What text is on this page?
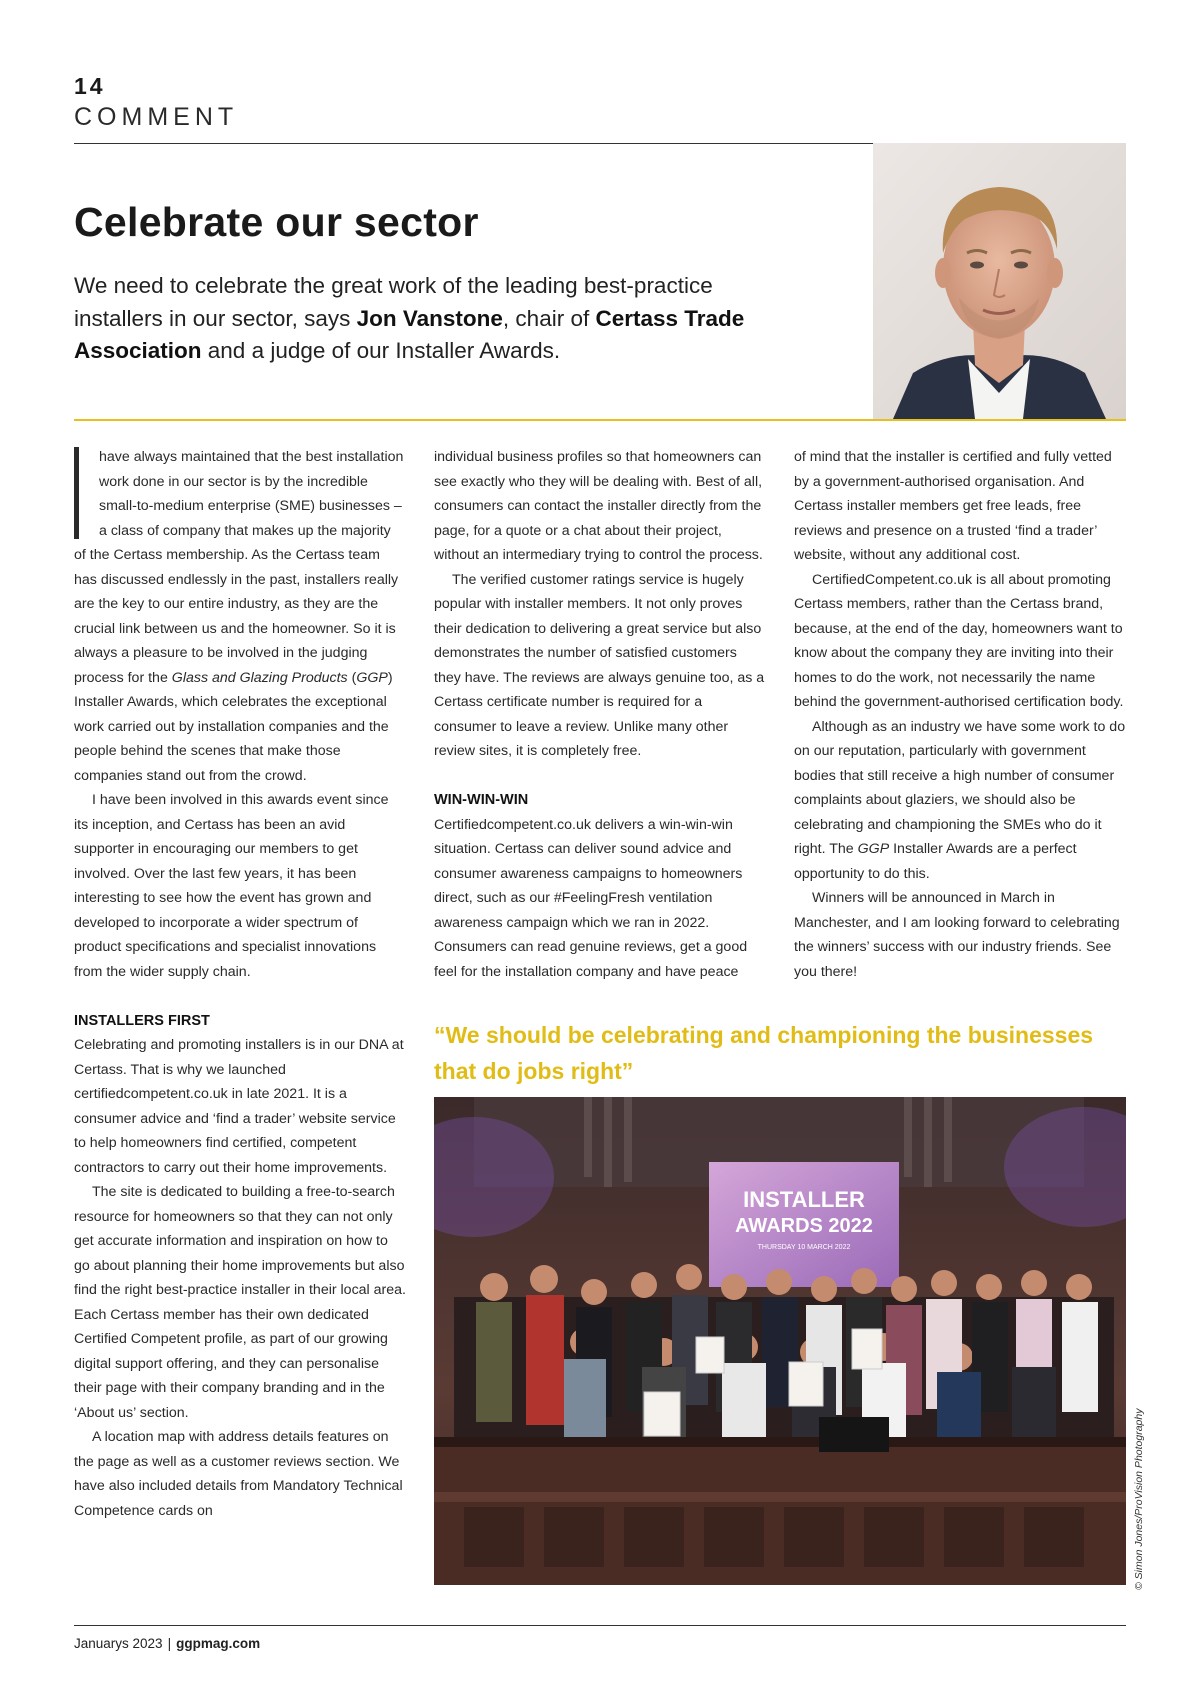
14
COMMENT
Celebrate our sector
We need to celebrate the great work of the leading best-practice installers in our sector, says Jon Vanstone, chair of Certass Trade Association and a judge of our Installer Awards.

have always maintained that the best installation work done in our sector is by the incredible small-to-medium enterprise (SME) businesses – a class of company that makes up the majority of the Certass membership. As the Certass team has discussed endlessly in the past, installers really are the key to our entire industry, as they are the crucial link between us and the homeowner. So it is always a pleasure to be involved in the judging process for the Glass and Glazing Products (GGP) Installer Awards, which celebrates the exceptional work carried out by installation companies and the people behind the scenes that make those companies stand out from the crowd.

I have been involved in this awards event since its inception, and Certass has been an avid supporter in encouraging our members to get involved. Over the last few years, it has been interesting to see how the event has grown and developed to incorporate a wider spectrum of product specifications and specialist innovations from the wider supply chain.

INSTALLERS FIRST

Celebrating and promoting installers is in our DNA at Certass. That is why we launched certifiedcompetent.co.uk in late 2021. It is a consumer advice and ‘find a trader’ website service to help homeowners find certified, competent contractors to carry out their home improvements.

The site is dedicated to building a free-to-search resource for homeowners so that they can not only get accurate information and inspiration on how to go about planning their home improvements but also find the right best-practice installer in their local area. Each Certass member has their own dedicated Certified Competent profile, as part of our growing digital support offering, and they can personalise their page with their company branding and in the ‘About us’ section.

A location map with address details features on the page as well as a customer reviews section. We have also included details from Mandatory Technical Competence cards on

individual business profiles so that homeowners can see exactly who they will be dealing with. Best of all, consumers can contact the installer directly from the page, for a quote or a chat about their project, without an intermediary trying to control the process.

The verified customer ratings service is hugely popular with installer members. It not only proves their dedication to delivering a great service but also demonstrates the number of satisfied customers they have. The reviews are always genuine too, as a Certass certificate number is required for a consumer to leave a review. Unlike many other review sites, it is completely free.

WIN-WIN-WIN

Certifiedcompetent.co.uk delivers a win-win-win situation. Certass can deliver sound advice and consumer awareness campaigns to homeowners direct, such as our #FeelingFresh ventilation awareness campaign which we ran in 2022. Consumers can read genuine reviews, get a good feel for the installation company and have peace

of mind that the installer is certified and fully vetted by a government-authorised organisation. And Certass installer members get free leads, free reviews and presence on a trusted ‘find a trader’ website, without any additional cost.

CertifiedCompetent.co.uk is all about promoting Certass members, rather than the Certass brand, because, at the end of the day, homeowners want to know about the company they are inviting into their homes to do the work, not necessarily the name behind the government-authorised certification body.

Although as an industry we have some work to do on our reputation, particularly with government bodies that still receive a high number of consumer complaints about glaziers, we should also be celebrating and championing the SMEs who do it right. The GGP Installer Awards are a perfect opportunity to do this.

Winners will be announced in March in Manchester, and I am looking forward to celebrating the winners’ success with our industry friends. See you there!

“We should be celebrating and championing the businesses that do jobs right”
INSTALLER
AWARDS 2022
THURSDAY 10 MARCH 2022
© Simon Jones/ProVision Photography
Januarys 2023 | ggpmag.com
